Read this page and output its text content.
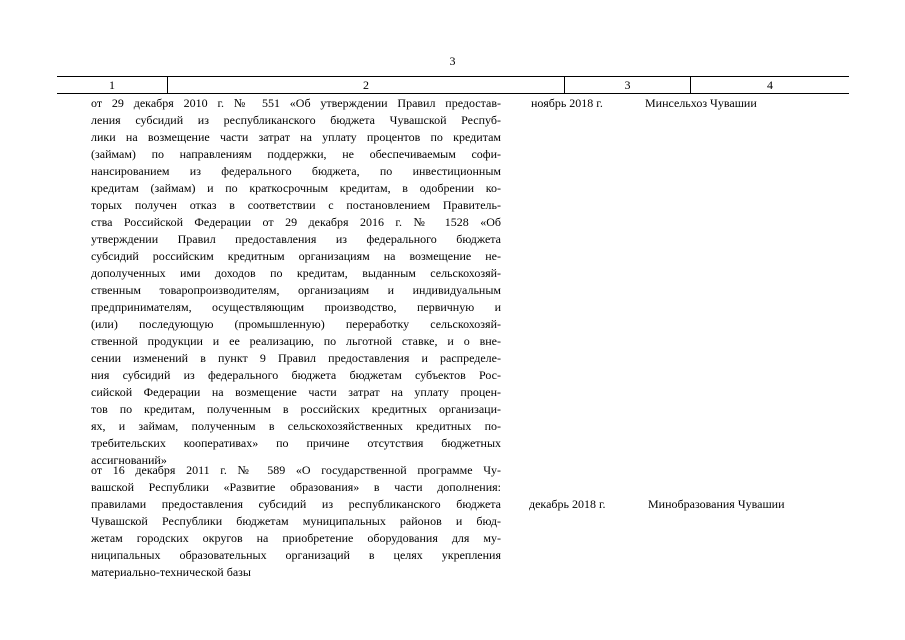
3
1	2	3	4
от 29 декабря 2010 г. № 551 «Об утверждении Правил предостав-
ления субсидий из республиканского бюджета Чувашской Респуб-
лики на возмещение части затрат на уплату процентов по кредитам
(займам) по направлениям поддержки, не обеспечиваемым софи-
нансированием из федерального бюджета, по инвестиционным
кредитам (займам) и по краткосрочным кредитам, в одобрении ко-
торых получен отказ в соответствии с постановлением Правитель-
ства Российской Федерации от 29 декабря 2016 г. № 1528 «Об
утверждении Правил предоставления из федерального бюджета
субсидий российским кредитным организациям на возмещение не-
дополученных ими доходов по кредитам, выданным сельскохозяй-
ственным товаропроизводителям, организациям и индивидуальным
предпринимателям, осуществляющим производство, первичную и
(или) последующую (промышленную) переработку сельскохозяй-
ственной продукции и ее реализацию, по льготной ставке, и о вне-
сении изменений в пункт 9 Правил предоставления и распределе-
ния субсидий из федерального бюджета бюджетам субъектов Рос-
сийской Федерации на возмещение части затрат на уплату процен-
тов по кредитам, полученным в российских кредитных организаци-
ях, и займам, полученным в сельскохозяйственных кредитных по-
требительских кооперативах» по причине отсутствия бюджетных
ассигнований»
ноябрь 2018 г.	Минсельхоз Чувашии
от 16 декабря 2011 г. № 589 «О государственной программе Чу-
вашской Республики «Развитие образования» в части дополнения:
правилами предоставления субсидий из республиканского бюджета
Чувашской Республики бюджетам муниципальных районов и бюд-
жетам городских округов на приобретение оборудования для му-
ниципальных образовательных организаций в целях укрепления
материально-технической базы
декабрь 2018 г.	Минобразования Чувашии
